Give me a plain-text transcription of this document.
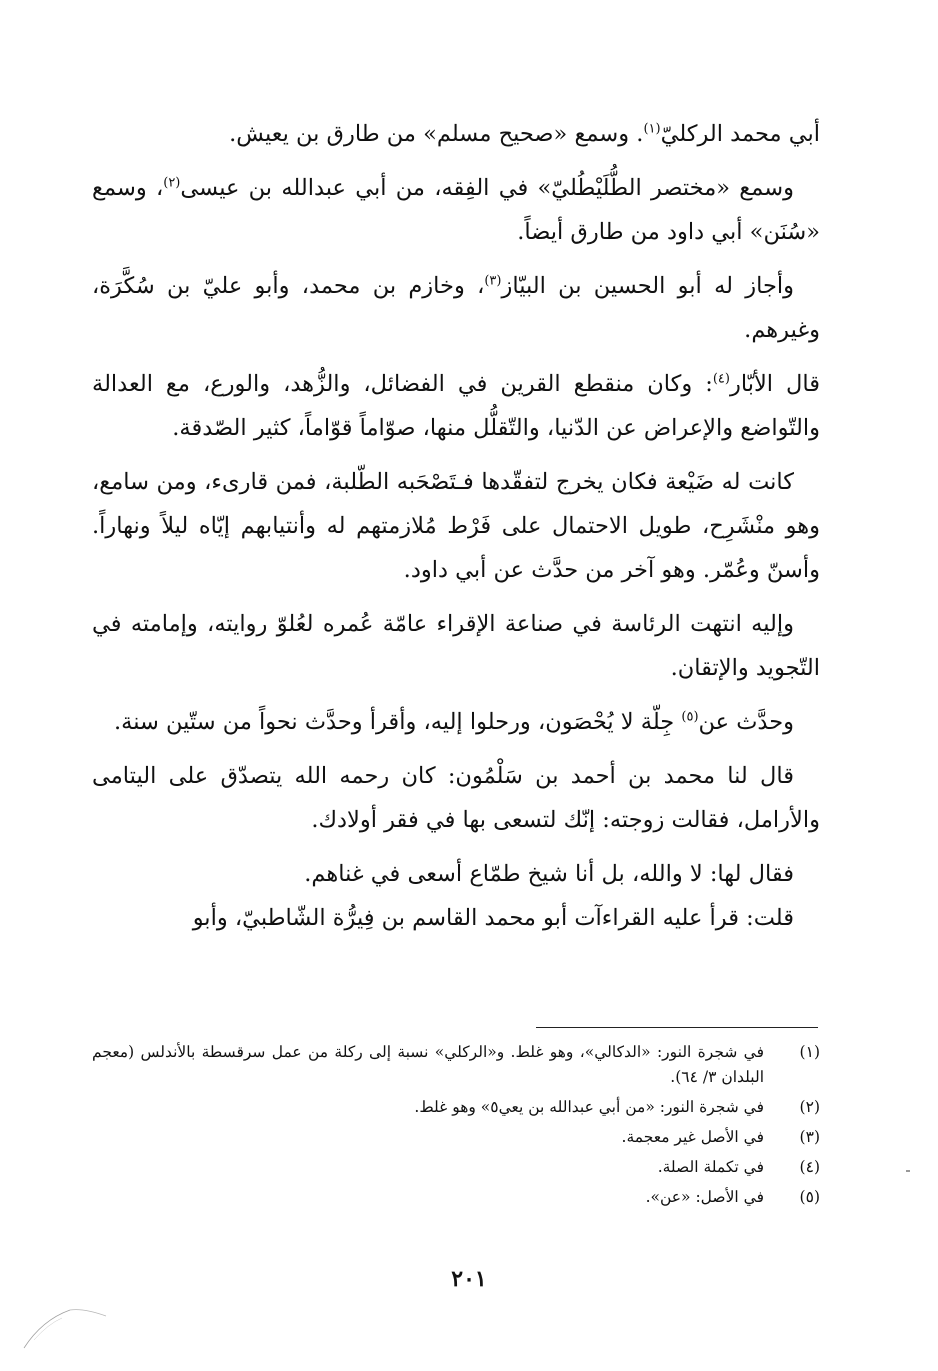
أبي محمد الركليّ$^{(١)}$. وسمع «صحيح مسلم» من طارق بن يعيش.

وسمع «مختصر الطُّلَيْطُليّ» في الفِقه، من أبي عبدالله بن عيسى$^{(٢)}$، وسمع «سُنَن» أبي داود من طارق أيضاً.

وأجاز له أبو الحسين بن البيّاز$^{(٣)}$، وخازم بن محمد، وأبو عليّ بن سُكَّرَة، وغيرهم.

قال الأبّار$^{(٤)}$: وكان منقطع القرين في الفضائل، والزُّهد، والورع، مع العدالة والتّواضع والإعراض عن الدّنيا، والتّقلُّل منها، صوّاماً قوّاماً، كثير الصّدقة.

كانت له ضَيْعة فكان يخرج لتفقّدها فـتَصْحَبه الطّلبة، فمن قارىء، ومن سامع، وهو منْشَرِح، طويل الاحتمال على فَرْط مُلازمتهم له وأنتيابهم إيّاه ليلاً ونهاراً. وأسنّ وعُمّر. وهو آخر من حدَّث عن أبي داود.

وإليه انتهت الرئاسة في صناعة الإقراء عامّة عُمره لعُلوّ روايته، وإمامته في التّجويد والإتقان.

وحدَّث عن$^{(٥)}$ جِلّة لا يُحْصَون، ورحلوا إليه، وأقرأ وحدَّث نحواً من ستّين سنة.

قال لنا محمد بن أحمد بن سَلْمُون: كان رحمه الله يتصدّق على اليتامى والأرامل، فقالت زوجته: إنّك لتسعى بها في فقر أولادك.

فقال لها: لا والله، بل أنا شيخ طمّاع أسعى في غناهم.

قلت: قرأ عليه القراءآت أبو محمد القاسم بن فِيرُّة الشّاطبيّ، وأبو

(١)
في شجرة النور: «الدكالي»، وهو غلط. و«الركلي» نسبة إلى ركلة من عمل سرقسطة بالأندلس (معجم البلدان ٣/ ٦٤).
(٢)
في شجرة النور: «من أبي عبدالله بن يعي٥» وهو غلط.
(٣)
في الأصل غير معجمة.
(٤)
في تكملة الصلة.
(٥)
في الأصل: «عن».
٢٠١
